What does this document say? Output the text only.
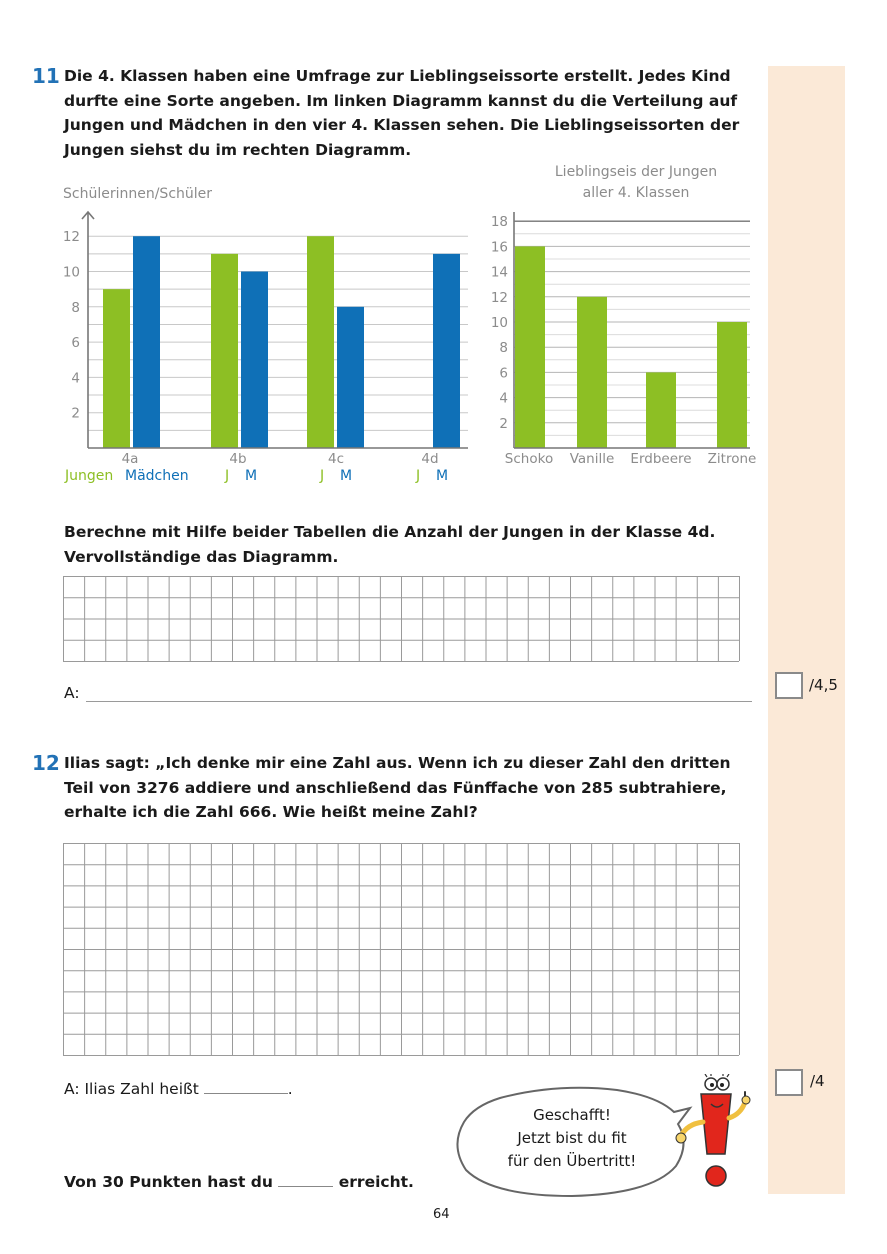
11 Die 4. Klassen haben eine Umfrage zur Lieblingseissorte erstellt. Jedes Kind

durfte eine Sorte angeben. Im linken Diagramm kannst du die Verteilung auf

Jungen und Mädchen in den vier 4. Klassen sehen. Die Lieblingseissorten der

Jungen siehst du im rechten Diagramm.

Schülerinnen/Schüler
2
4
6
8
10
12
4a	4b	4c	4d
Jungen Mädchen	J M	J M	J M
Lieblingseis der Jungen
aller 4. Klassen
2
4
6
8
10
12
14
16
18
Schoko Vanille Erdbeere Zitrone

Berechne mit Hilfe beider Tabellen die Anzahl der Jungen in der Klasse 4d.

Vervollständige das Diagramm.

A:	/4,5
12 Ilias sagt: „Ich denke mir eine Zahl aus. Wenn ich zu dieser Zahl den dritten

Teil von 3276 addiere und anschließend das Fünffache von 285 subtrahiere,

erhalte ich die Zahl 666. Wie heißt meine Zahl?

A: Ilias Zahl heißt	.	/4
Geschafft!
Jetzt bist du fit
für den Übertritt!
Von 30 Punkten hast du	erreicht.
64
